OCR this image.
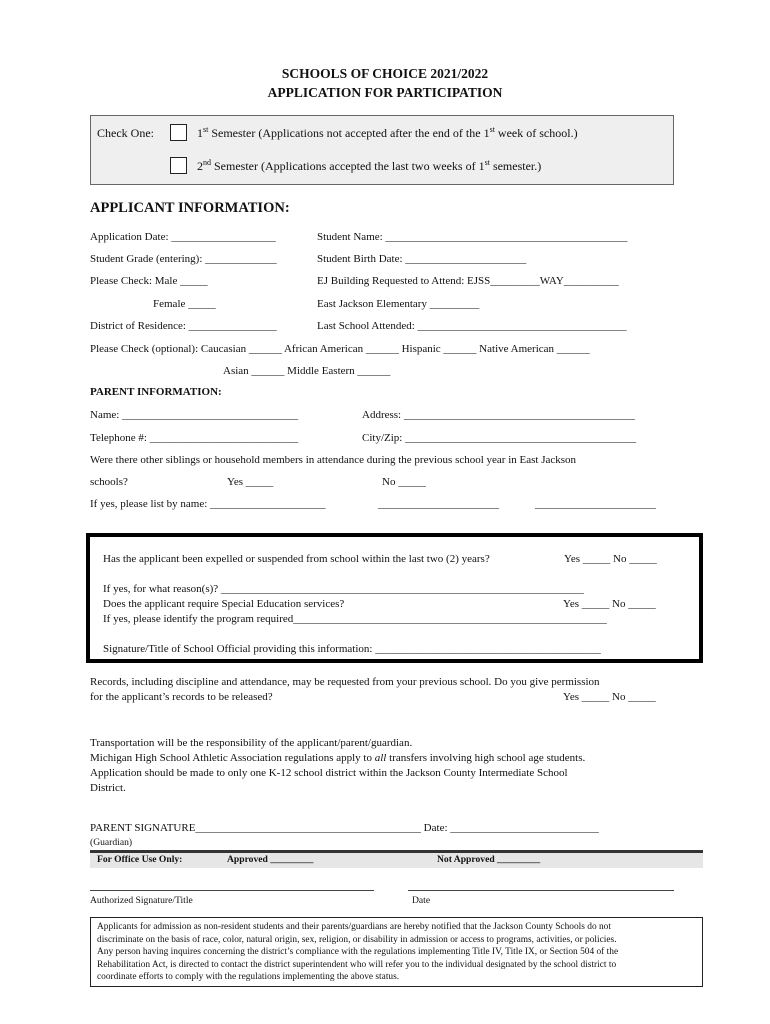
SCHOOLS OF CHOICE 2021/2022
APPLICATION FOR PARTICIPATION
Check One:	1st Semester (Applications not accepted after the end of the 1st week of school.)
2nd Semester (Applications accepted the last two weeks of 1st semester.)
APPLICANT INFORMATION:
Application Date: ___________________	Student Name: ____________________________________________
Student Grade (entering): _____________	Student Birth Date: ______________________
Please Check: Male _____	EJ Building Requested to Attend: EJSS_________WAY__________
Female _____	East Jackson Elementary _________
District of Residence: ________________	Last School Attended: ______________________________________
Please Check (optional): Caucasian ______ African American ______ Hispanic ______ Native American ______
Asian ______ Middle Eastern ______
PARENT INFORMATION:
Name: ________________________________	Address: __________________________________________
Telephone #: ___________________________	City/Zip: __________________________________________
Were there other siblings or household members in attendance during the previous school year in East Jackson
schools?	Yes _____	No _____
If yes, please list by name: _____________________	______________________	______________________
Has the applicant been expelled or suspended from school within the last two (2) years?	Yes _____ No _____
If yes, for what reason(s)? __________________________________________________________________
Does the applicant require Special Education services?	Yes _____ No _____
If yes, please identify the program required_________________________________________________________
Signature/Title of School Official providing this information: _________________________________________
Records, including discipline and attendance, may be requested from your previous school. Do you give permission
for the applicant’s records to be released?	Yes _____ No _____
Transportation will be the responsibility of the applicant/parent/guardian.
Michigan High School Athletic Association regulations apply to all transfers involving high school age students.
Application should be made to only one K-12 school district within the Jackson County Intermediate School
District.
PARENT SIGNATURE_________________________________________ Date: ___________________________
(Guardian)
For Office Use Only:	Approved _________	Not Approved _________
Authorized Signature/Title	Date
Applicants for admission as non-resident students and their parents/guardians are hereby notified that the Jackson County Schools do not
discriminate on the basis of race, color, natural origin, sex, religion, or disability in admission or access to programs, activities, or policies.
Any person having inquires concerning the district’s compliance with the regulations implementing Title IV, Title IX, or Section 504 of the
Rehabilitation Act, is directed to contact the district superintendent who will refer you to the individual designated by the school district to
coordinate efforts to comply with the regulations implementing the above status.
